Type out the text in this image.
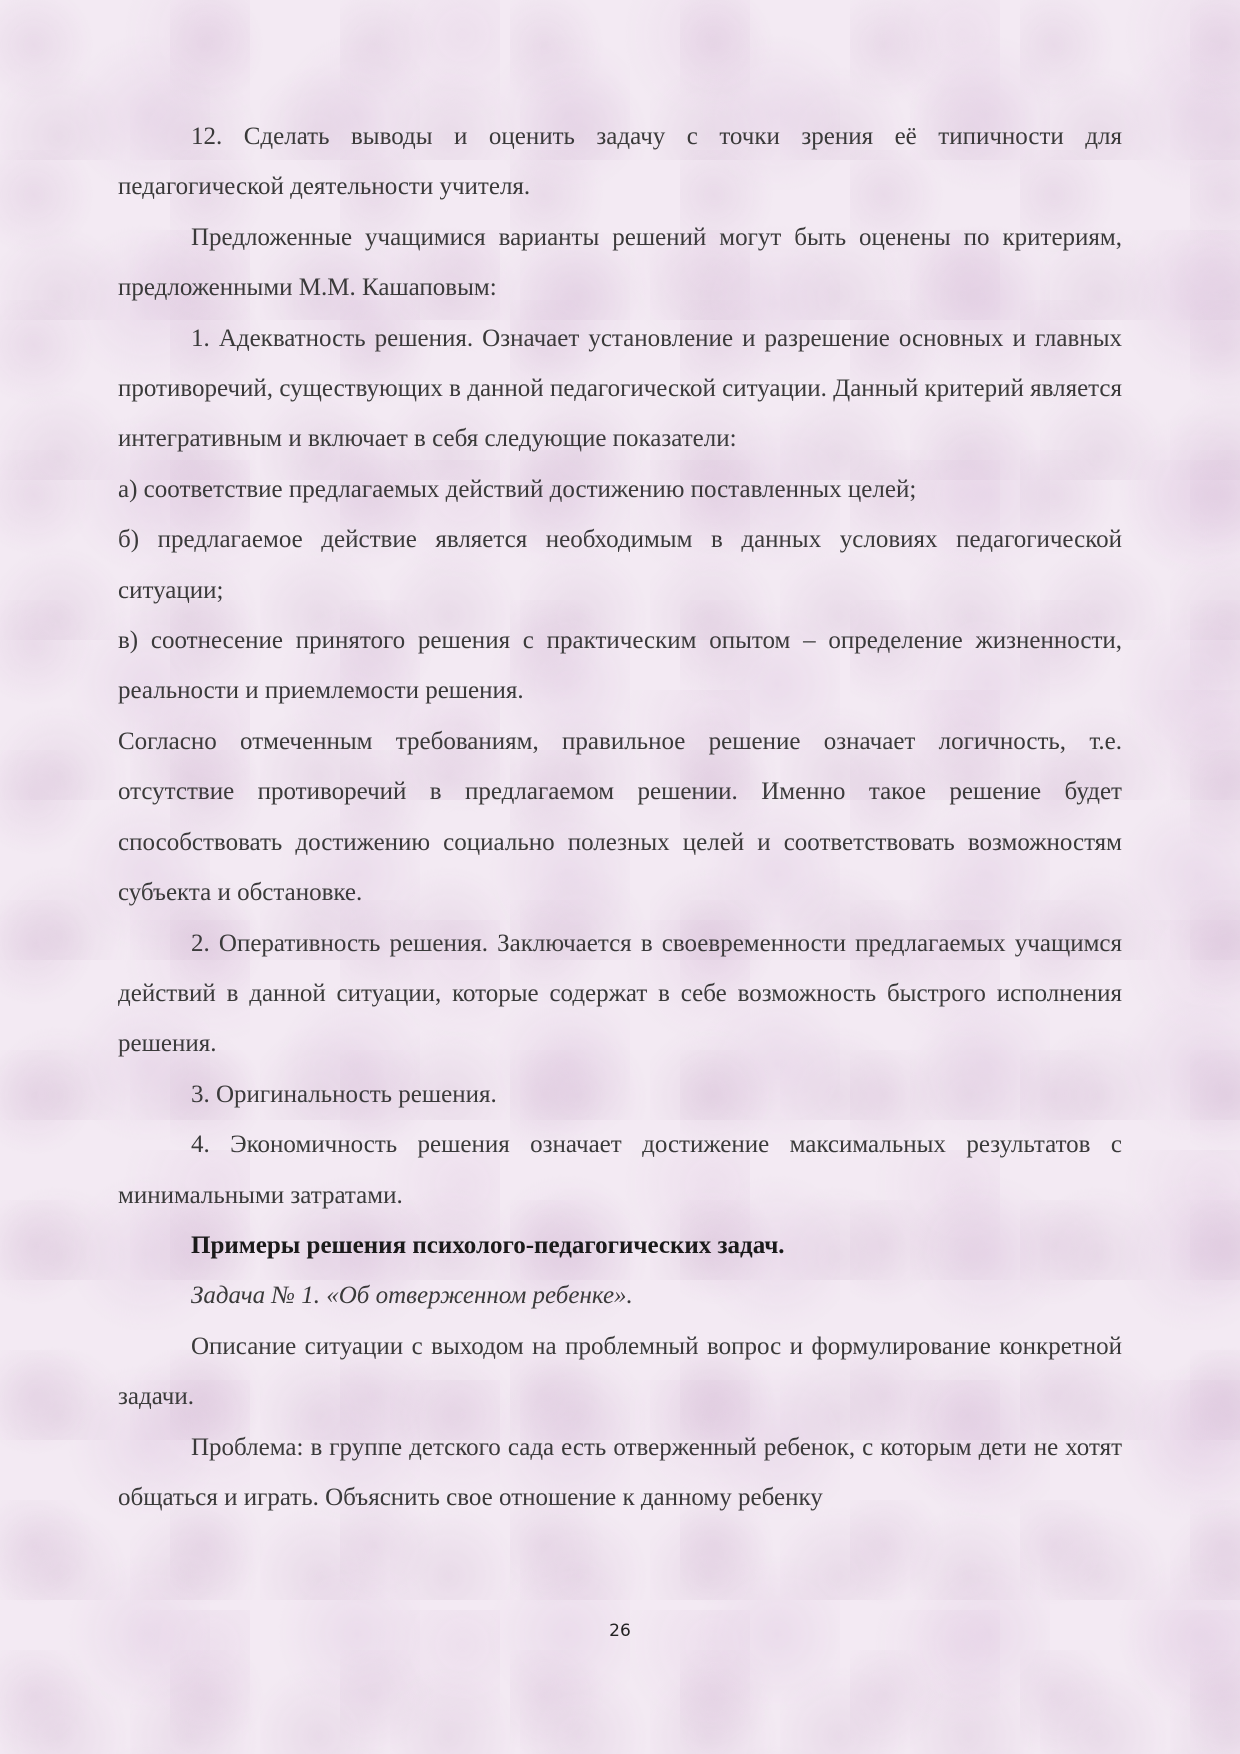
12. Сделать выводы и оценить задачу с точки зрения её типичности для педагогической деятельности учителя.

Предложенные учащимися варианты решений могут быть оценены по критериям, предложенными М.М. Кашаповым:

1. Адекватность решения. Означает установление и разрешение основных и главных противоречий, существующих в данной педагогической ситуации. Данный критерий является интегративным и включает в себя следующие показатели:

а) соответствие предлагаемых действий достижению поставленных целей;

б) предлагаемое действие является необходимым в данных условиях педагогической ситуации;

в) соотнесение принятого решения с практическим опытом – определение жизненности, реальности и приемлемости решения.

Согласно отмеченным требованиям, правильное решение означает логичность, т.е. отсутствие противоречий в предлагаемом решении. Именно такое решение будет способствовать достижению социально полезных целей и соответствовать возможностям субъекта и обстановке.

2. Оперативность решения. Заключается в своевременности предлагаемых учащимся действий в данной ситуации, которые содержат в себе возможность быстрого исполнения решения.

3. Оригинальность решения.

4. Экономичность решения означает достижение максимальных результатов с минимальными затратами.

Примеры решения психолого-педагогических задач.

Задача № 1. «Об отверженном ребенке».

Описание ситуации с выходом на проблемный вопрос и формулирование конкретной задачи.

Проблема: в группе детского сада есть отверженный ребенок, с которым дети не хотят общаться и играть. Объяснить свое отношение к данному ребенку

26
